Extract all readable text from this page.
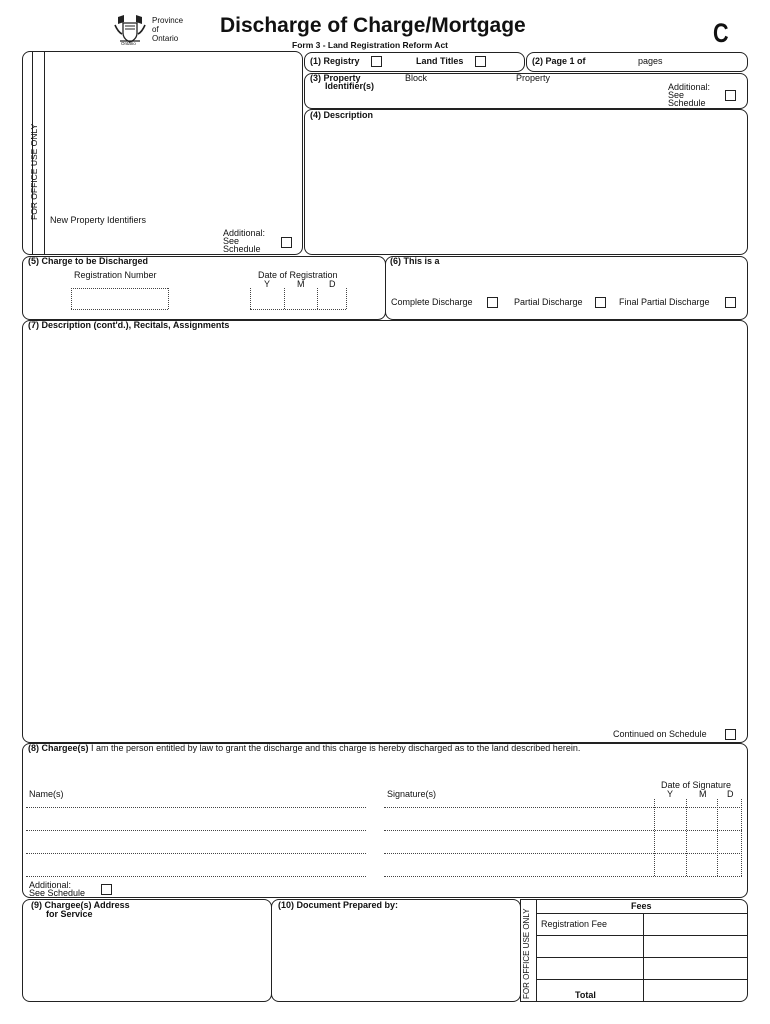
Ontario
Province
of
Ontario
Discharge of Charge/Mortgage
Form 3 - Land Registration Reform Act	C
FOR OFFICE USE ONLY New Property Identifiers
Additional:
See
Schedule
(1) Registry	Land Titles	(2) Page 1 of	pages
(3) Property
Identifier(s)
Block	Property
Additional:
See
Schedule
(4) Description
(5) Charge to be Discharged
Registration Number	Date of Registration
Y	M	D
(6) This is a
Complete Discharge	Partial Discharge	Final Partial Discharge
(7) Description (cont'd.), Recitals, Assignments
Continued on Schedule
(8) Chargee(s) I am the person entitled by law to grant the discharge and this charge is hereby discharged as to the land described herein.
Name(s)	Signature(s)
Date of Signature
Y	M D
Additional:
See Schedule
(9) Chargee(s) Address
for Service
(10) Document Prepared by:
FOR OFFICE USE ONLY
Fees
Registration Fee
Total
